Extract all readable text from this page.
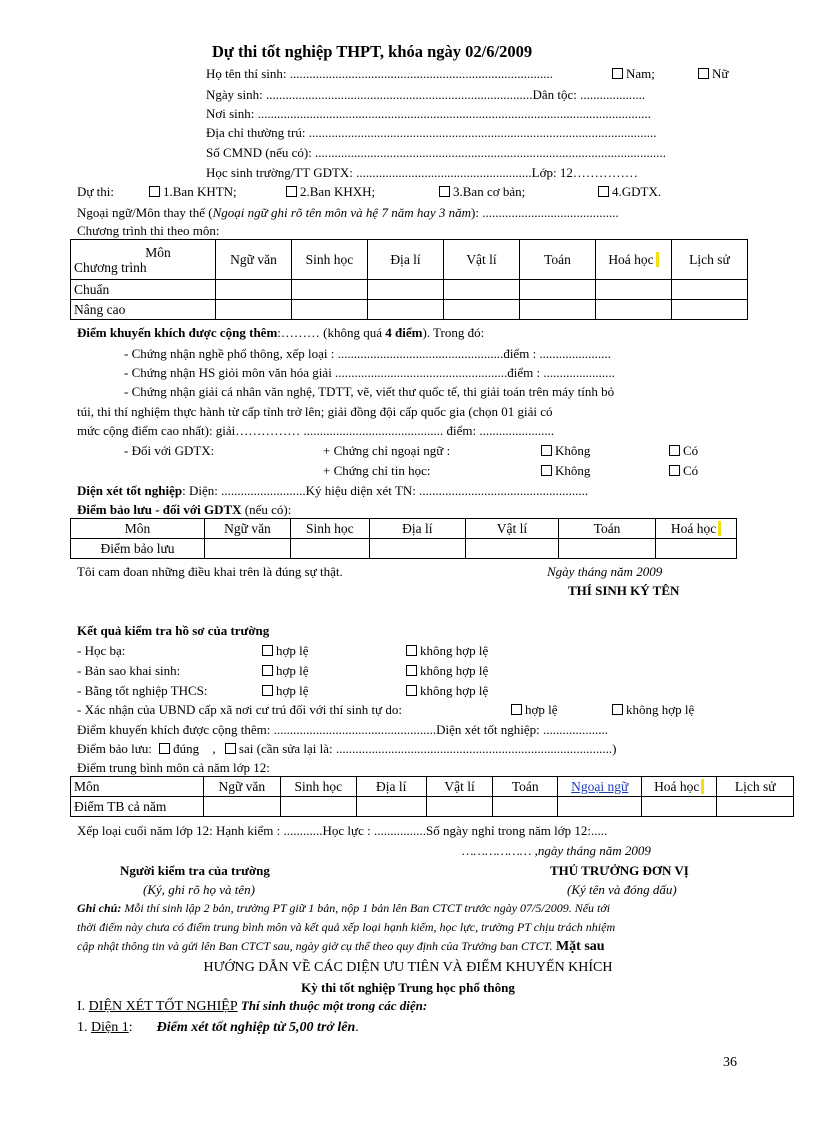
Dự thi tốt nghiệp THPT, khóa ngày 02/6/2009
Họ tên thí sinh: .................................................................................	Nam;	Nữ
Ngày sinh: ..................................................................................Dân tộc: ....................
Nơi sinh: .........................................................................................................................
Địa chỉ thường trú: ...........................................................................................................
Số CMND (nếu có): ............................................................................................................
Học sinh trường/TT GDTX: ......................................................Lớp: 12……………
Dự thi:	1.Ban KHTN;	2.Ban KHXH;	3.Ban cơ bản;	4.GDTX.
Ngoại ngữ/Môn thay thế (Ngoại ngữ ghi rõ tên môn và hệ 7 năm hay 3 năm): ..........................................
Chương trình thi theo môn:
Môn
Chương trình	Ngữ văn	Sinh học	Địa lí	Vật lí	Toán	Hoá học	Lịch sử
Chuẩn							
Nâng cao							
Điểm khuyến khích được cộng thêm:……… (không quá 4 điểm). Trong đó:
- Chứng nhận nghề phổ thông, xếp loại : ...................................................điểm : ......................
- Chứng nhận HS giỏi môn văn hóa giải .....................................................điểm : ......................
- Chứng nhận giải cá nhân văn nghệ, TDTT, vẽ, viết thư quốc tế, thi giải toán trên máy tính bỏ
túi, thi thí nghiệm thực hành từ cấp tỉnh trở lên; giải đồng đội cấp quốc gia (chọn 01 giải có
mức cộng điểm cao nhất): giải…………… ........................................... điểm: .......................
- Đối với GDTX:	+ Chứng chỉ ngoại ngữ :	Không	Có
+ Chứng chỉ tin học:	Không	Có
Diện xét tốt nghiệp: Diện: ..........................Ký hiệu diện xét TN: ....................................................
Điểm bảo lưu - đối với GDTX (nếu có):
Môn	Ngữ văn	Sinh học	Địa lí	Vật lí	Toán	Hoá học
Điểm bảo lưu						
Tôi cam đoan những điều khai trên là đúng sự thật.	Ngày tháng năm 2009
THÍ SINH KÝ TÊN
Kết quả kiểm tra hồ sơ của trường
- Học bạ:	hợp lệ	không hợp lệ
- Bản sao khai sinh:	hợp lệ	không hợp lệ
- Bằng tốt nghiệp THCS:	hợp lệ	không hợp lệ
- Xác nhận của UBND cấp xã nơi cư trú đối với thí sinh tự do:	hợp lệ	không hợp lệ
Điểm khuyến khích được cộng thêm: ..................................................Diện xét tốt nghiệp: ....................
Điểm bảo lưu: đúng , sai (cần sửa lại là: .....................................................................................)
Điểm trung bình môn cả năm lớp 12:
Môn	Ngữ văn	Sinh học	Địa lí	Vật lí	Toán	Ngoại ngữ	Hoá học	Lịch sử
Điểm TB cả năm								
Xếp loại cuối năm lớp 12: Hạnh kiểm : ............Học lực : ................Số ngày nghỉ trong năm lớp 12:.....
……………… ,ngày tháng năm 2009
Người kiểm tra của trường
(Ký, ghi rõ họ và tên)
THỦ TRƯỞNG ĐƠN VỊ
(Ký tên và đóng dấu)
Ghi chú: Mỗi thí sinh lập 2 bản, trường PT giữ 1 bản, nộp 1 bản lên Ban CTCT trước ngày 07/5/2009. Nếu tới
thời điểm này chưa có điểm trung bình môn và kết quả xếp loại hạnh kiểm, học lực, trường PT chịu trách nhiệm
cập nhật thông tin và gửi lên Ban CTCT sau, ngày giờ cụ thể theo quy định của Trưởng ban CTCT. Mặt sau
HƯỚNG DẪN VỀ CÁC DIỆN ƯU TIÊN VÀ ĐIỂM KHUYẾN KHÍCH
Kỳ thi tốt nghiệp Trung học phổ thông
I. DIỆN XÉT TỐT NGHIỆP Thí sinh thuộc một trong các diện:
1. Diện 1: Điểm xét tốt nghiệp từ 5,00 trở lên.
36
